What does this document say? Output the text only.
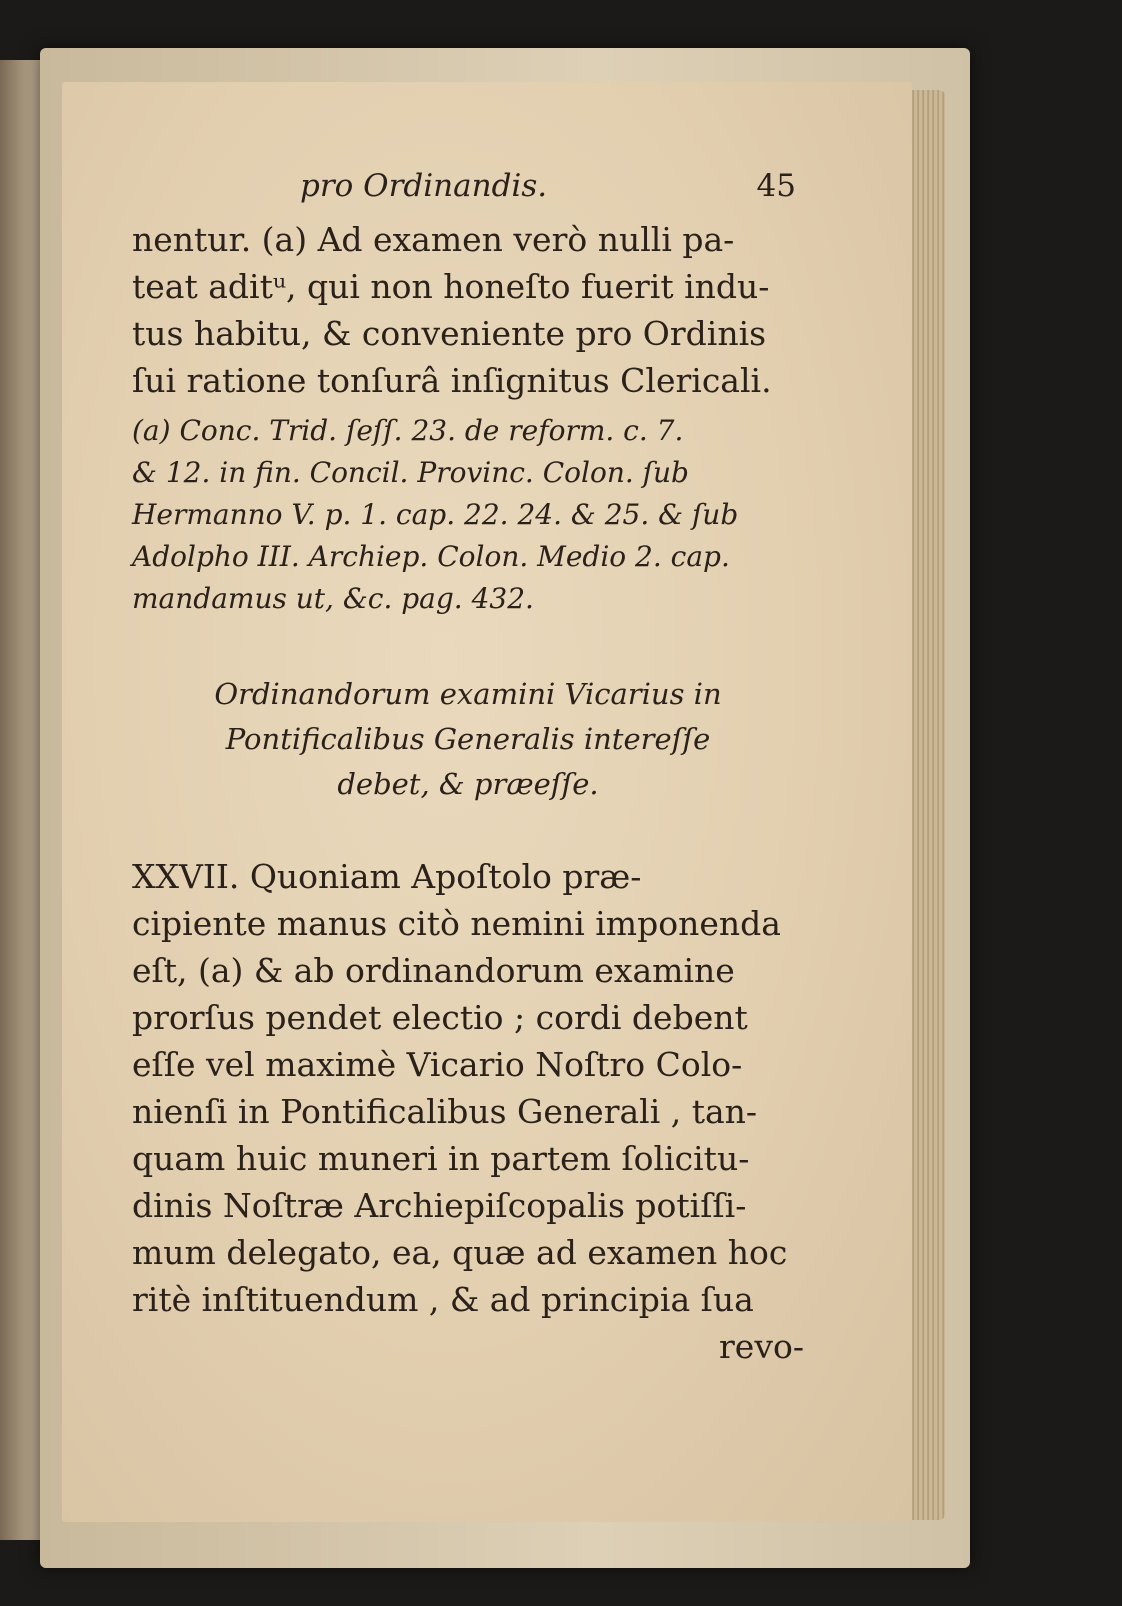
pro Ordinandis.	45
nentur. (a) Ad examen verò nulli pa-
teat aditᵘ, qui non honeſto fuerit indu-
tus habitu, & conveniente pro Ordinis
ſui ratione tonſurâ inſignitus Clericali.
(a) Conc. Trid. ſeſſ. 23. de reform. c. 7.
& 12. in fin. Concil. Provinc. Colon. ſub
Hermanno V. p. 1. cap. 22. 24. & 25. & ſub
Adolpho III. Archiep. Colon. Medio 2. cap.
mandamus ut, &c. pag. 432.
Ordinandorum examini Vicarius in
Pontificalibus Generalis intereſſe
debet, & præeſſe.
XXVII. Quoniam Apoſtolo præ-
cipiente manus citò nemini imponenda
eſt, (a) & ab ordinandorum examine
prorſus pendet electio ; cordi debent
eſſe vel maximè Vicario Noſtro Colo-
nienſi in Pontificalibus Generali , tan-
quam huic muneri in partem ſolicitu-
dinis Noſtræ Archiepiſcopalis potiſſi-
mum delegato, ea, quæ ad examen hoc
ritè inſtituendum , & ad principia ſua
revo-
